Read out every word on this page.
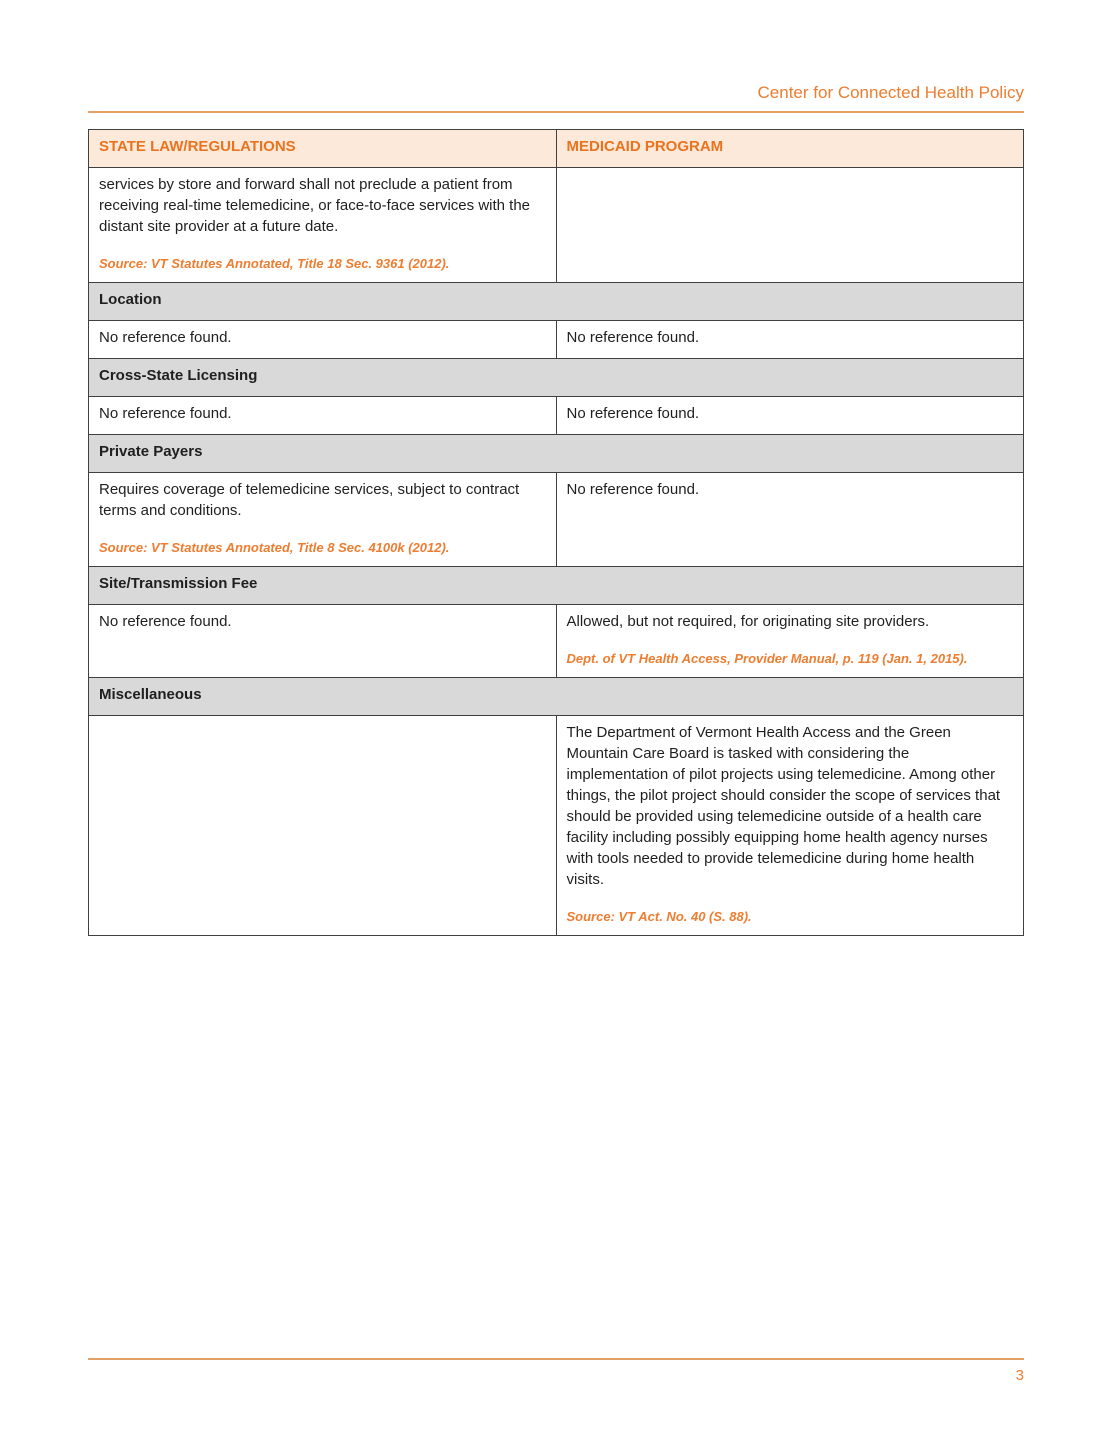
Center for Connected Health Policy
STATE LAW/REGULATIONS	MEDICAID PROGRAM

services by store and forward shall not preclude a patient from receiving real-time telemedicine, or face-to-face services with the distant site provider at a future date.

Source: VT Statutes Annotated, Title 18 Sec. 9361 (2012).	

Location	

No reference found.	No reference found.

Cross-State Licensing	

No reference found.	No reference found.

Private Payers	

Requires coverage of telemedicine services, subject to contract terms and conditions.

Source: VT Statutes Annotated, Title 8 Sec. 4100k (2012).	No reference found.

Site/Transmission Fee	

No reference found.	Allowed, but not required, for originating site providers.

Dept. of VT Health Access, Provider Manual, p. 119 (Jan. 1, 2015).

Miscellaneous	

	The Department of Vermont Health Access and the Green Mountain Care Board is tasked with considering the implementation of pilot projects using telemedicine. Among other things, the pilot project should consider the scope of services that should be provided using telemedicine outside of a health care facility including possibly equipping home health agency nurses with tools needed to provide telemedicine during home health visits.

Source: VT Act. No. 40 (S. 88).

3
